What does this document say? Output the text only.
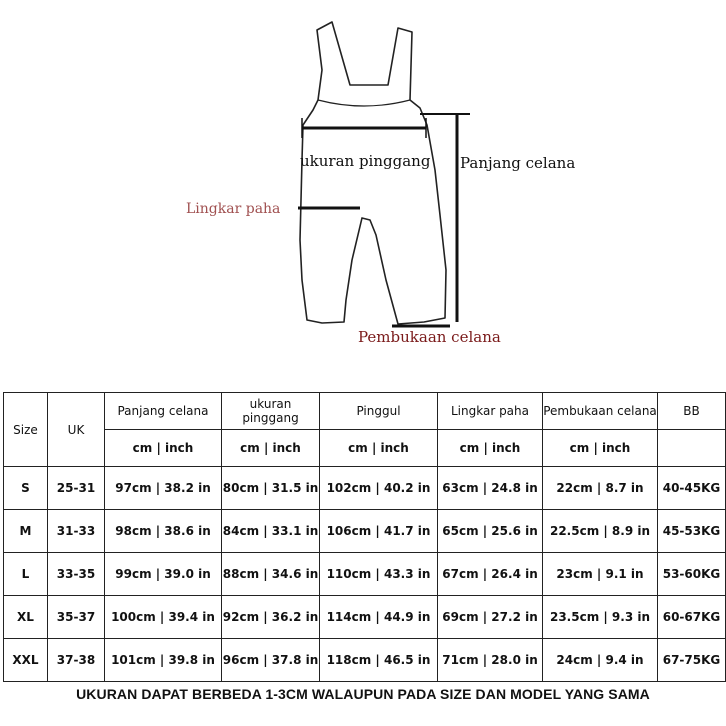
ukuran pinggang Panjang celana
Lingkar paha
Pembukaan celana
Size	UK	Panjang celana	ukuran pinggang	Pinggul	Lingkar paha	Pembukaan celana	BB
		cm | inch	cm | inch	cm | inch	cm | inch	cm | inch	
S	25-31	97cm | 38.2 in	80cm | 31.5 in	102cm | 40.2 in	63cm | 24.8 in	22cm | 8.7 in	40-45KG
M	31-33	98cm | 38.6 in	84cm | 33.1 in	106cm | 41.7 in	65cm | 25.6 in	22.5cm | 8.9 in	45-53KG
L	33-35	99cm | 39.0 in	88cm | 34.6 in	110cm | 43.3 in	67cm | 26.4 in	23cm | 9.1 in	53-60KG
XL	35-37	100cm | 39.4 in	92cm | 36.2 in	114cm | 44.9 in	69cm | 27.2 in	23.5cm | 9.3 in	60-67KG
XXL	37-38	101cm | 39.8 in	96cm | 37.8 in	118cm | 46.5 in	71cm | 28.0 in	24cm | 9.4 in	67-75KG
UKURAN DAPAT BERBEDA 1-3CM WALAUPUN PADA SIZE DAN MODEL YANG SAMA
